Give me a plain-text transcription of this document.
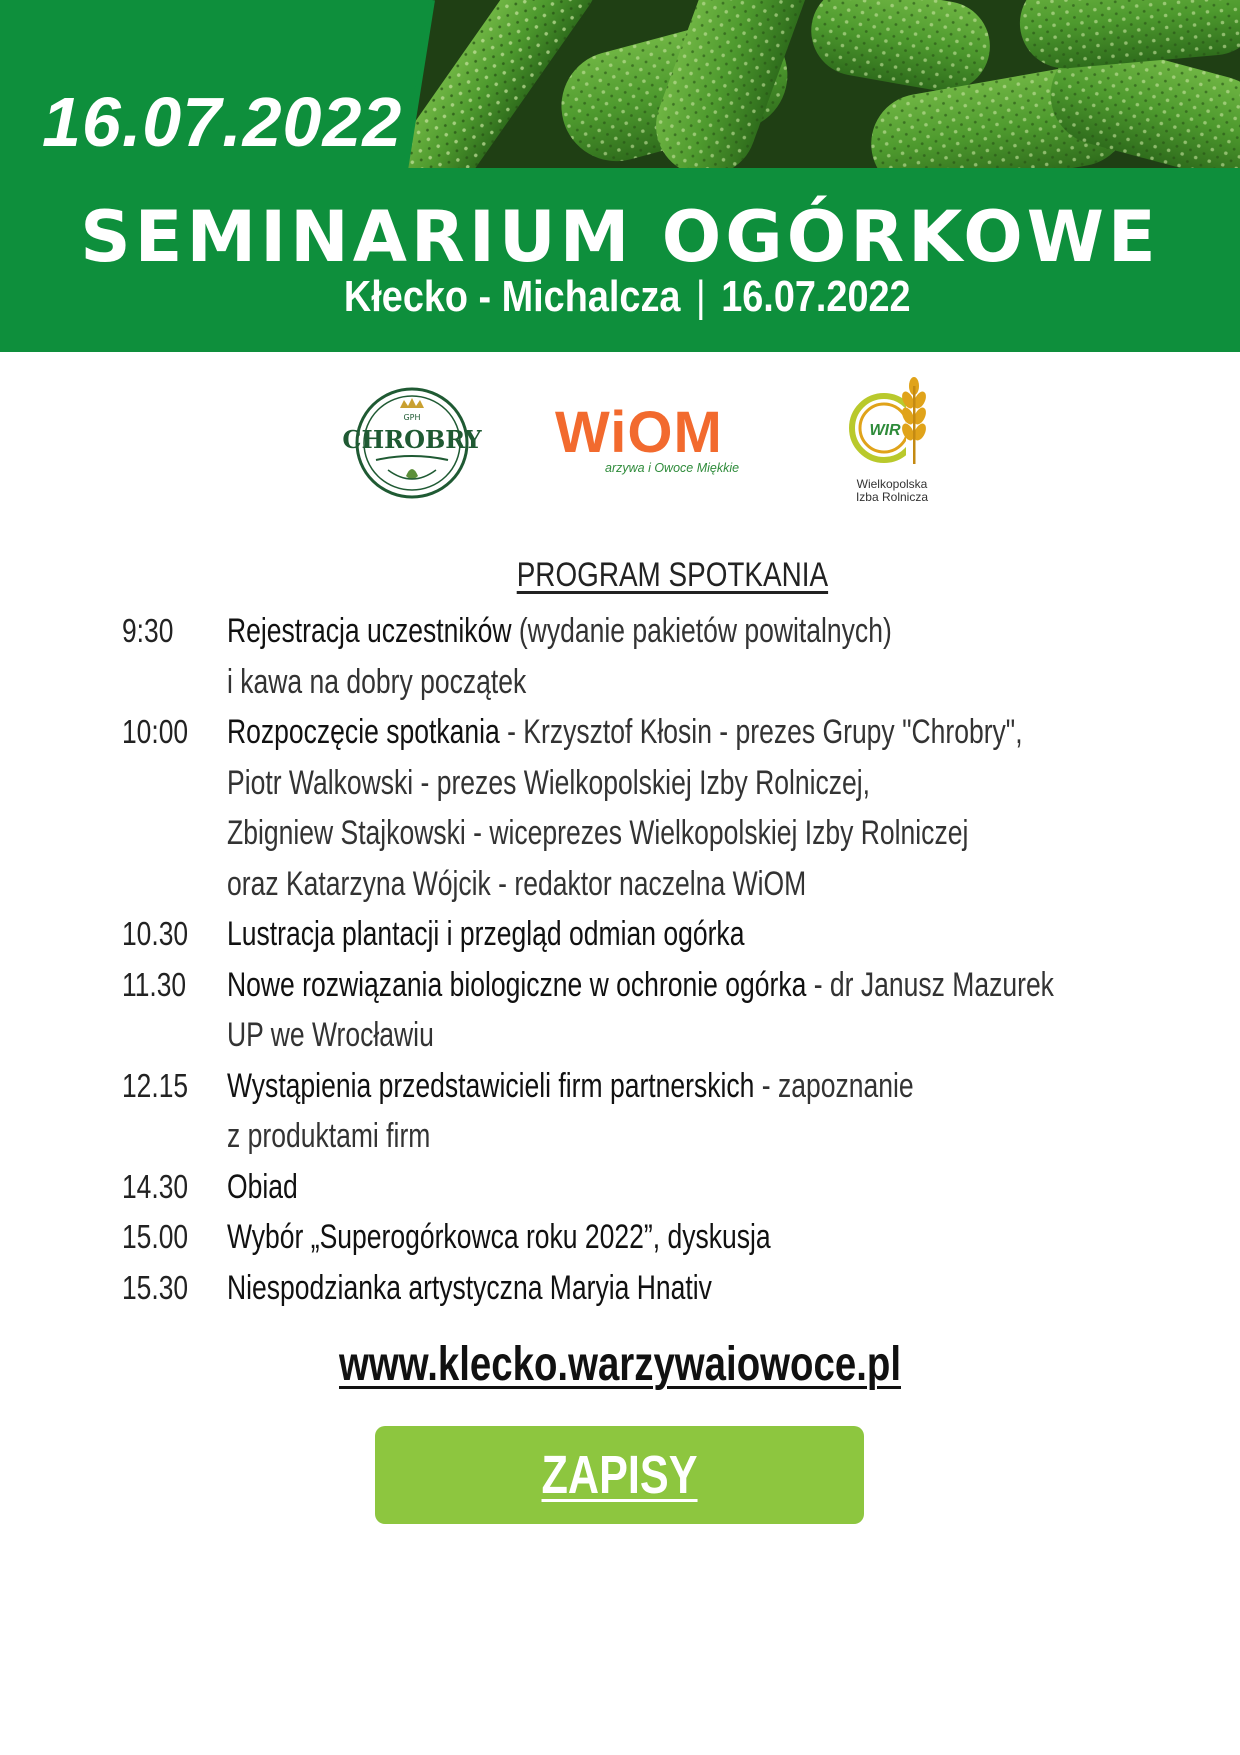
16.07.2022
SEMINARIUM OGÓRKOWE
Kłecko - Michalcza | 16.07.2022
GPH
CHROBRY WiOM
arzywa i Owoce Miękkie
WIR
Wielkopolska
Izba Rolnicza
PROGRAM SPOTKANIA
9:30	Rejestracja uczestników (wydanie pakietów powitalnych)
i kawa na dobry początek
10:00 Rozpoczęcie spotkania - Krzysztof Kłosin - prezes Grupy "Chrobry",
Piotr Walkowski - prezes Wielkopolskiej Izby Rolniczej,
Zbigniew Stajkowski - wiceprezes Wielkopolskiej Izby Rolniczej
oraz Katarzyna Wójcik - redaktor naczelna WiOM
10.30 Lustracja plantacji i przegląd odmian ogórka
11.30 Nowe rozwiązania biologiczne w ochronie ogórka - dr Janusz Mazurek
UP we Wrocławiu
12.15 Wystąpienia przedstawicieli firm partnerskich - zapoznanie
z produktami firm
14.30 Obiad
15.00 Wybór „Superogórkowca roku 2022”, dyskusja
15.30 Niespodzianka artystyczna Maryia Hnativ
www.klecko.warzywaiowoce.pl
ZAPISY
